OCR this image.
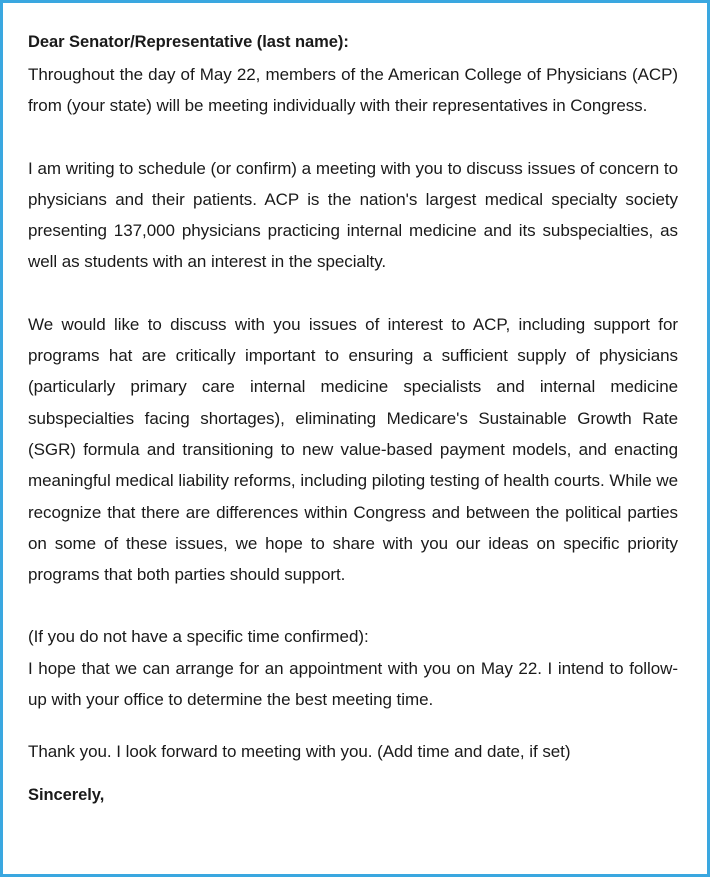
Dear Senator/Representative (last name):

Throughout the day of May 22, members of the American College of Physicians (ACP) from (your state) will be meeting individually with their representatives in Congress.

I am writing to schedule (or confirm) a meeting with you to discuss issues of concern to physicians and their patients. ACP is the nation's largest medical specialty society presenting 137,000 physicians practicing internal medicine and its subspecialties, as well as students with an interest in the specialty.

We would like to discuss with you issues of interest to ACP, including support for programs hat are critically important to ensuring a sufficient supply of physicians (particularly primary care internal medicine specialists and internal medicine subspecialties facing shortages), eliminating Medicare's Sustainable Growth Rate (SGR) formula and transitioning to new value-based payment models, and enacting meaningful medical liability reforms, including piloting testing of health courts. While we recognize that there are differences within Congress and between the political parties on some of these issues, we hope to share with you our ideas on specific priority programs that both parties should support.

(If you do not have a specific time confirmed):

I hope that we can arrange for an appointment with you on May 22. I intend to follow-up with your office to determine the best meeting time.

Thank you. I look forward to meeting with you. (Add time and date, if set)

Sincerely,
